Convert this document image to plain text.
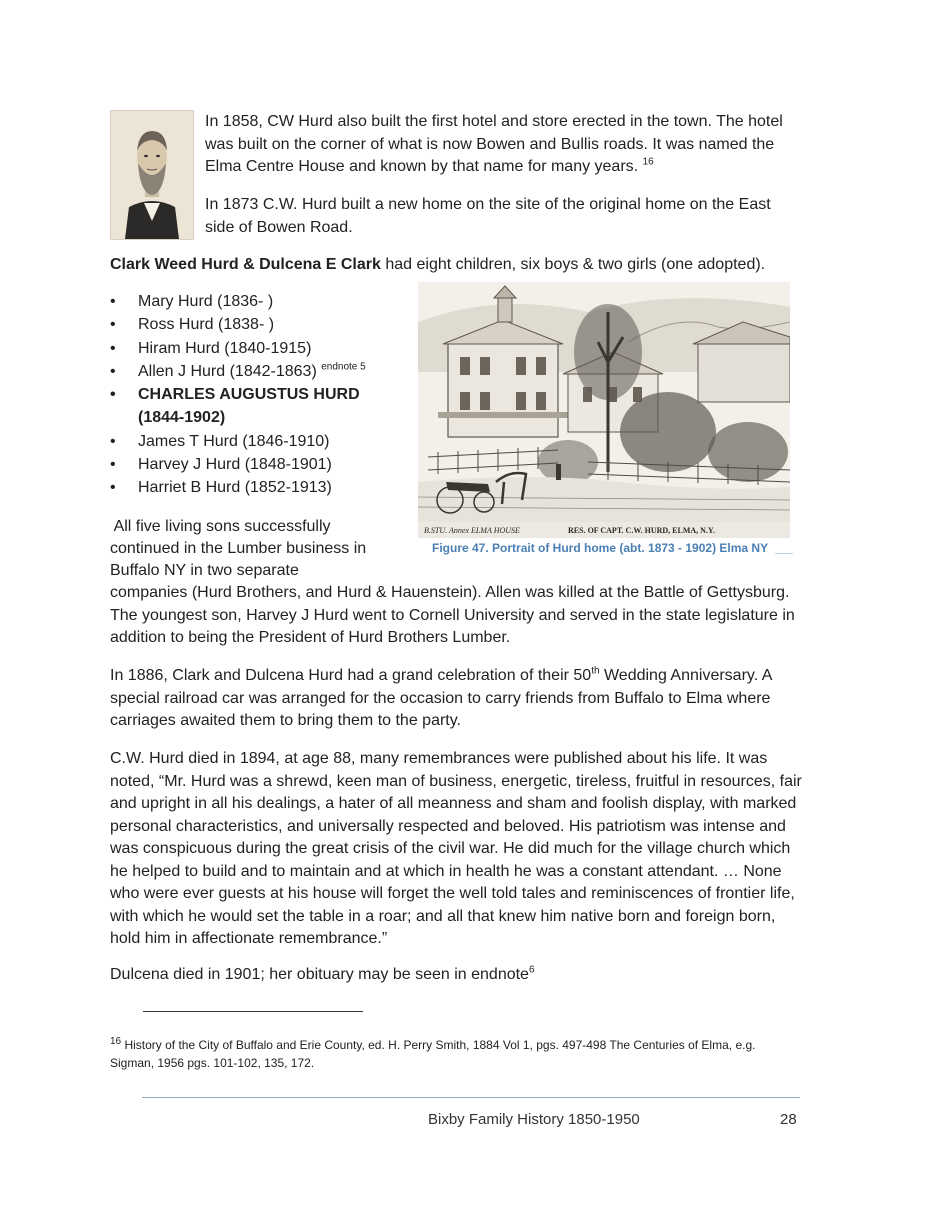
In 1858, CW Hurd also built the first hotel and store erected in the town. The hotel was built on the corner of what is now Bowen and Bullis roads. It was named the Elma Centre House and known by that name for many years. $^{16}$

In 1873 C.W. Hurd built a new home on the site of the original home on the East side of Bowen Road.

Clark Weed Hurd & Dulcena E Clark had eight children, six boys & two girls (one adopted).

• Mary Hurd (1836- )
• Ross Hurd (1838- )
• Hiram Hurd (1840-1915)
• Allen J Hurd (1842-1863) $^{endnote 5}$
• CHARLES AUGUSTUS HURD (1844-1902)
• James T Hurd (1846-1910)
• Harvey J Hurd (1848-1901)
• Harriet B Hurd (1852-1913)
B.STU. Annex ELMA HOUSE	RES. OF CAPT. C.W. HURD, ELMA, N.Y.

Figure 47. Portrait of Hurd home (abt. 1873 - 1902) Elma NY

All five living sons successfully

continued in the Lumber business in

Buffalo NY in two separate

companies (Hurd Brothers, and Hurd & Hauenstein). Allen was killed at the Battle of Gettysburg. The youngest son, Harvey J Hurd went to Cornell University and served in the state legislature in addition to being the President of Hurd Brothers Lumber.

In 1886, Clark and Dulcena Hurd had a grand celebration of their 50th Wedding Anniversary. A special railroad car was arranged for the occasion to carry friends from Buffalo to Elma where carriages awaited them to bring them to the party.

C.W. Hurd died in 1894, at age 88, many remembrances were published about his life. It was noted, “Mr. Hurd was a shrewd, keen man of business, energetic, tireless, fruitful in resources, fair and upright in all his dealings, a hater of all meanness and sham and foolish display, with marked personal characteristics, and universally respected and beloved. His patriotism was intense and was conspicuous during the great crisis of the civil war. He did much for the village church which he helped to build and to maintain and at which in health he was a constant attendant. … None who were ever guests at his house will forget the well told tales and reminiscences of frontier life, with which he would set the table in a roar; and all that knew him native born and foreign born, hold him in affectionate remembrance.”

Dulcena died in 1901; her obituary may be seen in endnote$^6$

$^{16}$ History of the City of Buffalo and Erie County, ed. H. Perry Smith, 1884 Vol 1, pgs. 497-498 The Centuries of Elma, e.g. Sigman, 1956 pgs. 101-102, 135, 172.

Bixby Family History 1850-1950	28
